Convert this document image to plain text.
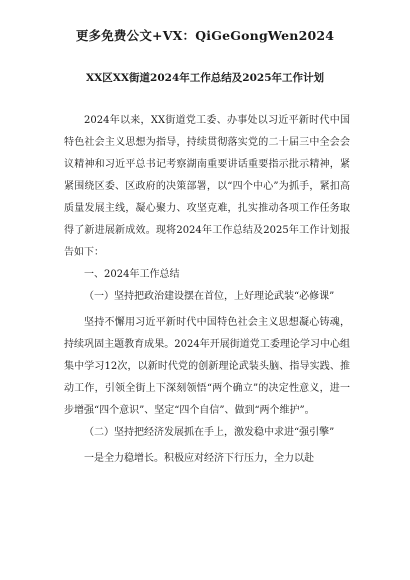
更多免费公文+VX：QiGeGongWen2024
XX区XX街道2024年工作总结及2025年工作计划

2024年以来，XX街道党工委、办事处以习近平新时代中国特色社会主义思想为指导，持续贯彻落实党的二十届三中全会会议精神和习近平总书记考察湖南重要讲话重要指示批示精神，紧紧围绕区委、区政府的决策部署，以“四个中心”为抓手，紧扣高质量发展主线，凝心聚力、攻坚克难，扎实推动各项工作任务取得了新进展新成效。现将2024年工作总结及2025年工作计划报告如下：

一、2024年工作总结
（一）坚持把政治建设摆在首位，上好理论武装“必修课”

坚持不懈用习近平新时代中国特色社会主义思想凝心铸魂，持续巩固主题教育成果。2024年开展街道党工委理论学习中心组集中学习12次，以新时代党的创新理论武装头脑、指导实践、推动工作，引领全街上下深刻领悟“两个确立”的决定性意义，进一步增强“四个意识”、坚定“四个自信”、做到“两个维护”。

（二）坚持把经济发展抓在手上，激发稳中求进“强引擎”

一是全力稳增长。积极应对经济下行压力，全力以赴
